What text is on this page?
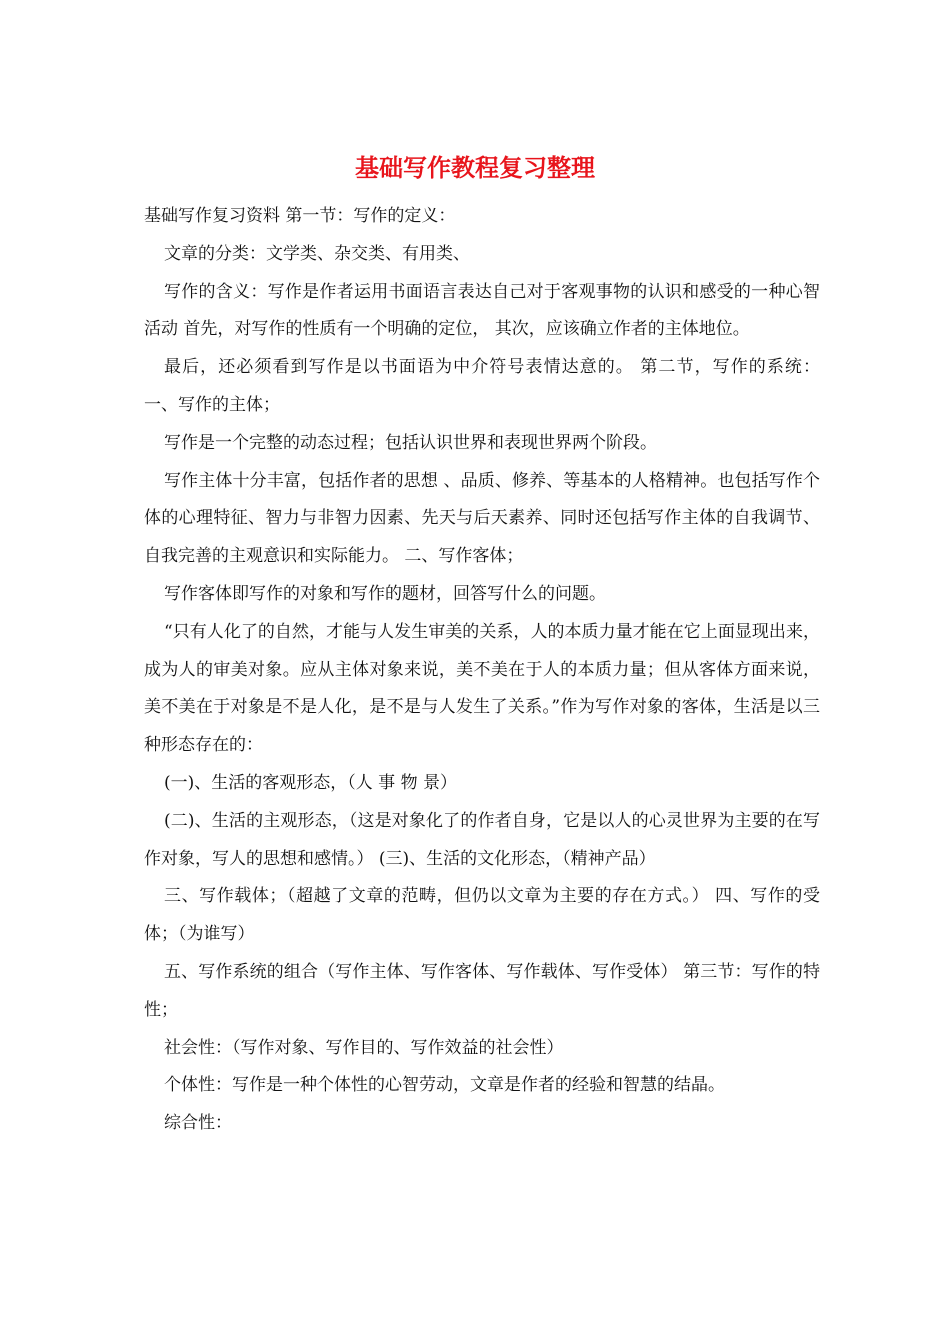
基础写作教程复习整理

基础写作复习资料 第一节：写作的定义：

文章的分类：文学类、杂交类、有用类、

写作的含义：写作是作者运用书面语言表达自己对于客观事物的认识和感受的一种心智活动 首先，对写作的性质有一个明确的定位， 其次，应该确立作者的主体地位。

最后，还必须看到写作是以书面语为中介符号表情达意的。 第二节，写作的系统： 一、写作的主体；

写作是一个完整的动态过程；包括认识世界和表现世界两个阶段。

写作主体十分丰富，包括作者的思想 、品质、修养、等基本的人格精神。也包括写作个体的心理特征、智力与非智力因素、先天与后天素养、同时还包括写作主体的自我调节、自我完善的主观意识和实际能力。 二、写作客体；

写作客体即写作的对象和写作的题材，回答写什么的问题。

“只有人化了的自然，才能与人发生审美的关系，人的本质力量才能在它上面显现出来，成为人的审美对象。应从主体对象来说，美不美在于人的本质力量；但从客体方面来说，美不美在于对象是不是人化，是不是与人发生了关系。”作为写作对象的客体，生活是以三种形态存在的：

(一)、生活的客观形态，（人 事 物 景）

(二)、生活的主观形态，（这是对象化了的作者自身，它是以人的心灵世界为主要的在写作对象，写人的思想和感情。） (三)、生活的文化形态，（精神产品）

三、写作载体；（超越了文章的范畴，但仍以文章为主要的存在方式。） 四、写作的受体；（为谁写）

五、写作系统的组合（写作主体、写作客体、写作载体、写作受体） 第三节：写作的特性；

社会性：（写作对象、写作目的、写作效益的社会性）

个体性：写作是一种个体性的心智劳动，文章是作者的经验和智慧的结晶。

综合性：
